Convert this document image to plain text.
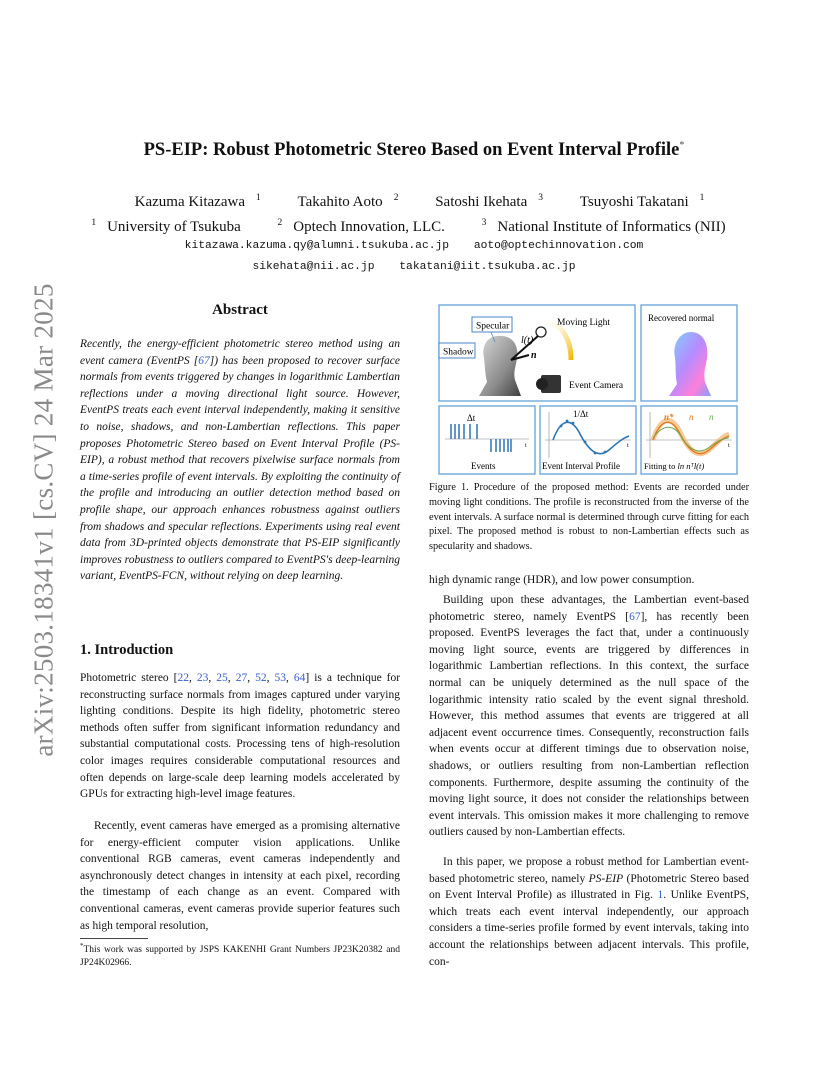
arXiv:2503.18341v1 [cs.CV] 24 Mar 2025
PS-EIP: Robust Photometric Stereo Based on Event Interval Profile*
Kazuma Kitazawa $^1$ Takahito Aoto $^2$ Satoshi Ikehata $^3$ Tsuyoshi Takatani $^1$
$^1$ University of Tsukuba	$^2$ Optech Innovation, LLC.	$^3$ National Institute of Informatics (NII)
kitazawa.kazuma.qy@alumni.tsukuba.ac.jp aoto@optechinnovation.com
sikehata@nii.ac.jp takatani@iit.tsukuba.ac.jp
Abstract
Recently, the energy-efficient photometric stereo method using an event camera (EventPS [67]) has been proposed to recover surface normals from events triggered by changes in logarithmic Lambertian reflections under a moving directional light source. However, EventPS treats each event interval independently, making it sensitive to noise, shadows, and non-Lambertian reflections. This paper proposes Photometric Stereo based on Event Interval Profile (PS-EIP), a robust method that recovers pixelwise surface normals from a time-series profile of event intervals. By exploiting the continuity of the profile and introducing an outlier detection method based on profile shape, our approach enhances robustness against outliers from shadows and specular reflections. Experiments using real event data from 3D-printed objects demonstrate that PS-EIP significantly improves robustness to outliers compared to EventPS's deep-learning variant, EventPS-FCN, without relying on deep learning.
1. Introduction
Photometric stereo [22, 23, 25, 27, 52, 53, 64] is a technique for reconstructing surface normals from images captured under varying lighting conditions. Despite its high fidelity, photometric stereo methods often suffer from significant information redundancy and substantial computational costs. Processing tens of high-resolution color images requires considerable computational resources and often depends on large-scale deep learning models accelerated by GPUs for extracting high-level image features.
Recently, event cameras have emerged as a promising alternative for energy-efficient computer vision applications. Unlike conventional RGB cameras, event cameras independently and asynchronously detect changes in intensity at each pixel, recording the timestamp of each change as an event. Compared with conventional cameras, event cameras provide superior features such as high temporal resolution,
*This work was supported by JSPS KAKENHI Grant Numbers JP23K20382 and JP24K02966.
Specular
Shadow
Moving Light
l(t)
n
Event Camera
Recovered normal
Δt
t
Events
1/Δt
t
Event Interval Profile
n* n n
t
Fitting to ln nᵀl(t)
Figure 1. Procedure of the proposed method: Events are recorded under moving light conditions. The profile is reconstructed from the inverse of the event intervals. A surface normal is determined through curve fitting for each pixel. The proposed method is robust to non-Lambertian effects such as specularity and shadows.
high dynamic range (HDR), and low power consumption.
Building upon these advantages, the Lambertian event-based photometric stereo, namely EventPS [67], has recently been proposed. EventPS leverages the fact that, under a continuously moving light source, events are triggered by differences in logarithmic Lambertian reflections. In this context, the surface normal can be uniquely determined as the null space of the logarithmic intensity ratio scaled by the event signal threshold. However, this method assumes that events are triggered at all adjacent event occurrence times. Consequently, reconstruction fails when events occur at different timings due to observation noise, shadows, or outliers resulting from non-Lambertian reflection components. Furthermore, despite assuming the continuity of the moving light source, it does not consider the relationships between event intervals. This omission makes it more challenging to remove outliers caused by non-Lambertian effects.
In this paper, we propose a robust method for Lambertian event-based photometric stereo, namely PS-EIP (Photometric Stereo based on Event Interval Profile) as illustrated in Fig. 1. Unlike EventPS, which treats each event interval independently, our approach considers a time-series profile formed by event intervals, taking into account the relationships between adjacent intervals. This profile, con-
